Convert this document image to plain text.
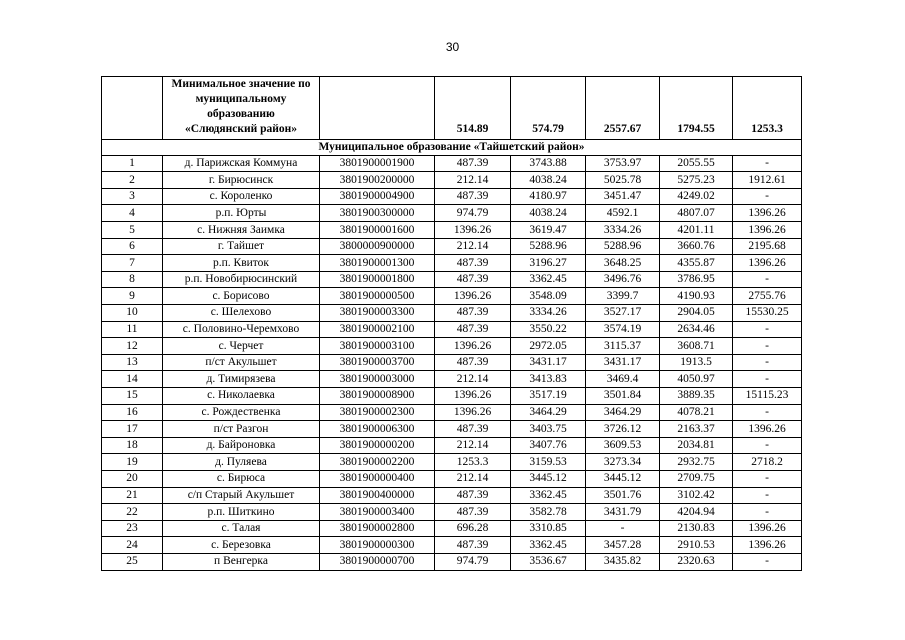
30
	Минимальное значение по
муниципальному
образованию
«Слюдянский район»		514.89	574.79	2557.67	1794.55	1253.3
Муниципальное образование «Тайшетский район»							
1	д. Парижская Коммуна	3801900001900	487.39	3743.88	3753.97	2055.55	-
2	г. Бирюсинск	3801900200000	212.14	4038.24	5025.78	5275.23	1912.61
3	с. Короленко	3801900004900	487.39	4180.97	3451.47	4249.02	-
4	р.п. Юрты	3801900300000	974.79	4038.24	4592.1	4807.07	1396.26
5	с. Нижняя Заимка	3801900001600	1396.26	3619.47	3334.26	4201.11	1396.26
6	г. Тайшет	3800000900000	212.14	5288.96	5288.96	3660.76	2195.68
7	р.п. Квиток	3801900001300	487.39	3196.27	3648.25	4355.87	1396.26
8	р.п. Новобирюсинский	3801900001800	487.39	3362.45	3496.76	3786.95	-
9	с. Борисово	3801900000500	1396.26	3548.09	3399.7	4190.93	2755.76
10	с. Шелехово	3801900003300	487.39	3334.26	3527.17	2904.05	15530.25
11	с. Половино-Черемхово	3801900002100	487.39	3550.22	3574.19	2634.46	-
12	с. Черчет	3801900003100	1396.26	2972.05	3115.37	3608.71	-
13	п/ст Акульшет	3801900003700	487.39	3431.17	3431.17	1913.5	-
14	д. Тимирязева	3801900003000	212.14	3413.83	3469.4	4050.97	-
15	с. Николаевка	3801900008900	1396.26	3517.19	3501.84	3889.35	15115.23
16	с. Рождественка	3801900002300	1396.26	3464.29	3464.29	4078.21	-
17	п/ст Разгон	3801900006300	487.39	3403.75	3726.12	2163.37	1396.26
18	д. Байроновка	3801900000200	212.14	3407.76	3609.53	2034.81	-
19	д. Пуляева	3801900002200	1253.3	3159.53	3273.34	2932.75	2718.2
20	с. Бирюса	3801900000400	212.14	3445.12	3445.12	2709.75	-
21	с/п Старый Акульшет	3801900400000	487.39	3362.45	3501.76	3102.42	-
22	р.п. Шиткино	3801900003400	487.39	3582.78	3431.79	4204.94	-
23	с. Талая	3801900002800	696.28	3310.85	-	2130.83	1396.26
24	с. Березовка	3801900000300	487.39	3362.45	3457.28	2910.53	1396.26
25	п Венгерка	3801900000700	974.79	3536.67	3435.82	2320.63	-
